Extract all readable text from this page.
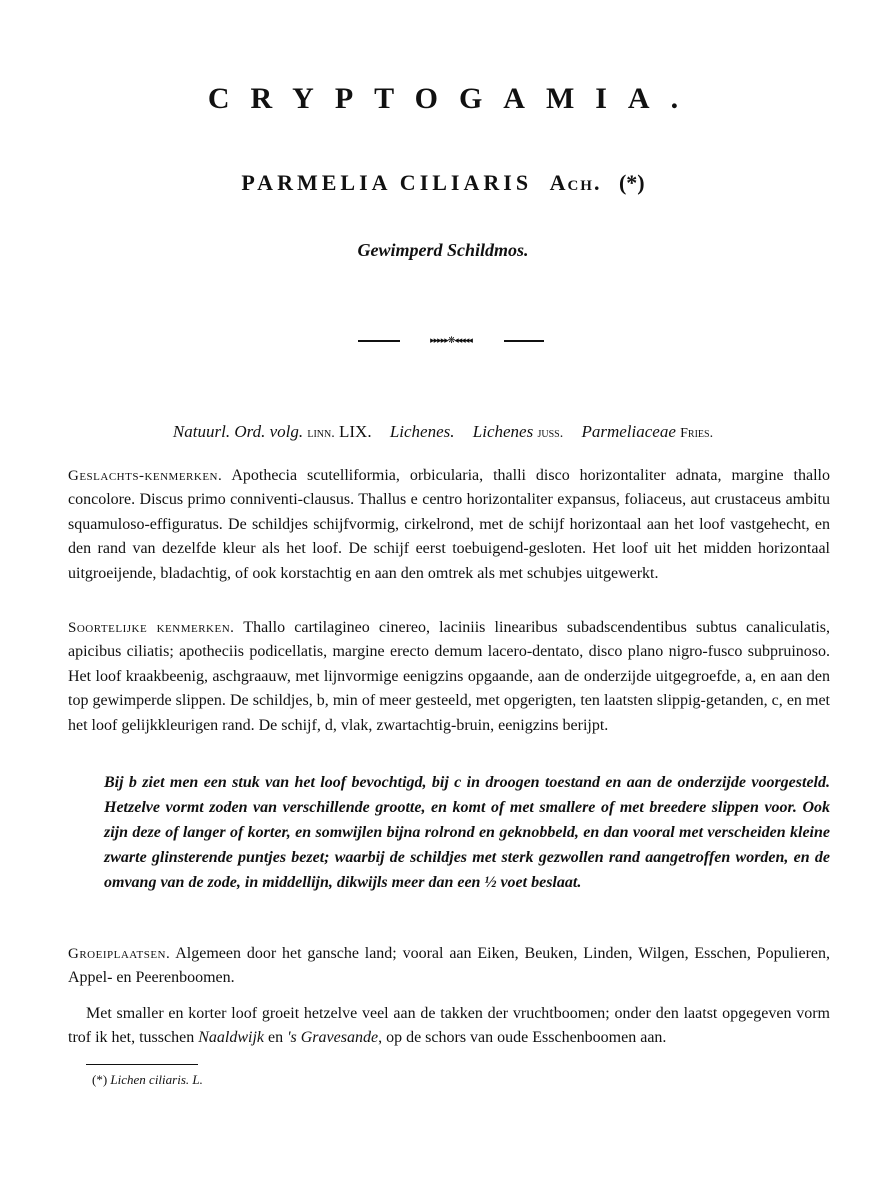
CRYPTOGAMIA.
PARMELIA CILIARIS Ach. (*)
Gewimperd Schildmos.
▸▸▸▸▸❋◂◂◂◂◂
Natuurl. Ord. volg. linn. LIX. Lichenes. Lichenes juss. Parmeliaceae Fries.

Geslachts-kenmerken. Apothecia scutelliformia, orbicularia, thalli disco horizontaliter adnata, margine thallo concolore. Discus primo conniventi-clausus. Thallus e centro horizontaliter expansus, foliaceus, aut crustaceus ambitu squamuloso-effiguratus. De schildjes schijfvormig, cirkelrond, met de schijf horizontaal aan het loof vastgehecht, en den rand van dezelfde kleur als het loof. De schijf eerst toebuigend-gesloten. Het loof uit het midden horizontaal uitgroeijende, bladachtig, of ook korstachtig en aan den omtrek als met schubjes uitgewerkt.

Soortelijke kenmerken. Thallo cartilagineo cinereo, laciniis linearibus subadscendentibus subtus canaliculatis, apicibus ciliatis; apotheciis podicellatis, margine erecto demum lacero-dentato, disco plano nigro-fusco subpruinoso. Het loof kraakbeenig, aschgraauw, met lijnvormige eenigzins opgaande, aan de onderzijde uitgegroefde, a, en aan den top gewimperde slippen. De schildjes, b, min of meer gesteeld, met opgerigten, ten laatsten slippig-getanden, c, en met het loof gelijkkleurigen rand. De schijf, d, vlak, zwartachtig-bruin, eenigzins berijpt.

Bij b ziet men een stuk van het loof bevochtigd, bij c in droogen toestand en aan de onderzijde voorgesteld. Hetzelve vormt zoden van verschillende grootte, en komt of met smallere of met breedere slippen voor. Ook zijn deze of langer of korter, en somwijlen bijna rolrond en geknobbeld, en dan vooral met verscheiden kleine zwarte glinsterende puntjes bezet; waarbij de schildjes met sterk gezwollen rand aangetroffen worden, en de omvang van de zode, in middellijn, dikwijls meer dan een ½ voet beslaat.

Groeiplaatsen. Algemeen door het gansche land; vooral aan Eiken, Beuken, Linden, Wilgen, Esschen, Populieren, Appel- en Peerenboomen.

Met smaller en korter loof groeit hetzelve veel aan de takken der vruchtboomen; onder den laatst opgegeven vorm trof ik het, tusschen Naaldwijk en 's Gravesande, op de schors van oude Esschenboomen aan.

(*) Lichen ciliaris. L.
